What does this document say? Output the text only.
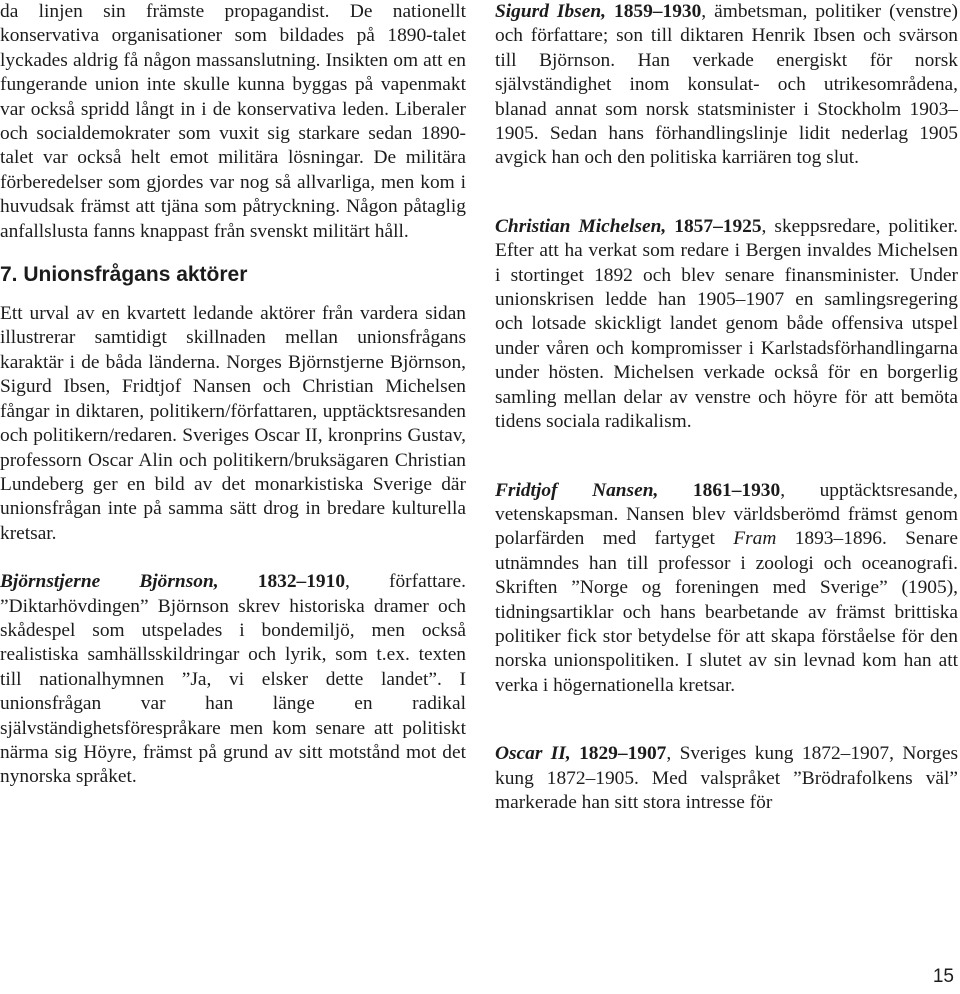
da linjen sin främste propagandist. De nationellt konservativa organisationer som bildades på 1890-talet lyckades aldrig få någon massanslutning. Insikten om att en fungerande union inte skulle kunna byggas på vapenmakt var också spridd långt in i de konservativa leden. Liberaler och socialdemokrater som vuxit sig starkare sedan 1890-talet var också helt emot militära lösningar. De militära förberedelser som gjordes var nog så allvarliga, men kom i huvudsak främst att tjäna som påtryckning. Någon påtaglig anfallslusta fanns knappast från svenskt militärt håll.

7. Unionsfrågans aktörer

Ett urval av en kvartett ledande aktörer från vardera sidan illustrerar samtidigt skillnaden mellan unionsfrågans karaktär i de båda länderna. Norges Björnstjerne Björnson, Sigurd Ibsen, Fridtjof Nansen och Christian Michelsen fångar in diktaren, politikern/författaren, upptäcktsresanden och politikern/redaren. Sveriges Oscar II, kronprins Gustav, professorn Oscar Alin och politikern/bruksägaren Christian Lundeberg ger en bild av det monarkistiska Sverige där unionsfrågan inte på samma sätt drog in bredare kulturella kretsar.

Björnstjerne Björnson, 1832–1910, författare. ”Diktarhövdingen” Björnson skrev historiska dramer och skådespel som utspelades i bondemiljö, men också realistiska samhällsskildringar och lyrik, som t.ex. texten till nationalhymnen ”Ja, vi elsker dette landet”. I unionsfrågan var han länge en radikal självständighetsförespråkare men kom senare att politiskt närma sig Höyre, främst på grund av sitt motstånd mot det nynorska språket.

Sigurd Ibsen, 1859–1930, ämbetsman, politiker (venstre) och författare; son till diktaren Henrik Ibsen och svärson till Björnson. Han verkade energiskt för norsk självständighet inom konsulat- och utrikesområdena, blanad annat som norsk statsminister i Stockholm 1903–1905. Sedan hans förhandlingslinje lidit nederlag 1905 avgick han och den politiska karriären tog slut.

Christian Michelsen, 1857–1925, skeppsredare, politiker. Efter att ha verkat som redare i Bergen invaldes Michelsen i stortinget 1892 och blev senare finansminister. Under unionskrisen ledde han 1905–1907 en samlingsregering och lotsade skickligt landet genom både offensiva utspel under våren och kompromisser i Karlstadsförhandlingarna under hösten. Michelsen verkade också för en borgerlig samling mellan delar av venstre och höyre för att bemöta tidens sociala radikalism.

Fridtjof Nansen, 1861–1930, upptäcktsresande, vetenskapsman. Nansen blev världsberömd främst genom polarfärden med fartyget Fram 1893–1896. Senare utnämndes han till professor i zoologi och oceanografi. Skriften ”Norge og foreningen med Sverige” (1905), tidningsartiklar och hans bearbetande av främst brittiska politiker fick stor betydelse för att skapa förståelse för den norska unionspolitiken. I slutet av sin levnad kom han att verka i högernationella kretsar.

Oscar II, 1829–1907, Sveriges kung 1872–1907, Norges kung 1872–1905. Med valspråket ”Brödrafolkens väl” markerade han sitt stora intresse för

15
